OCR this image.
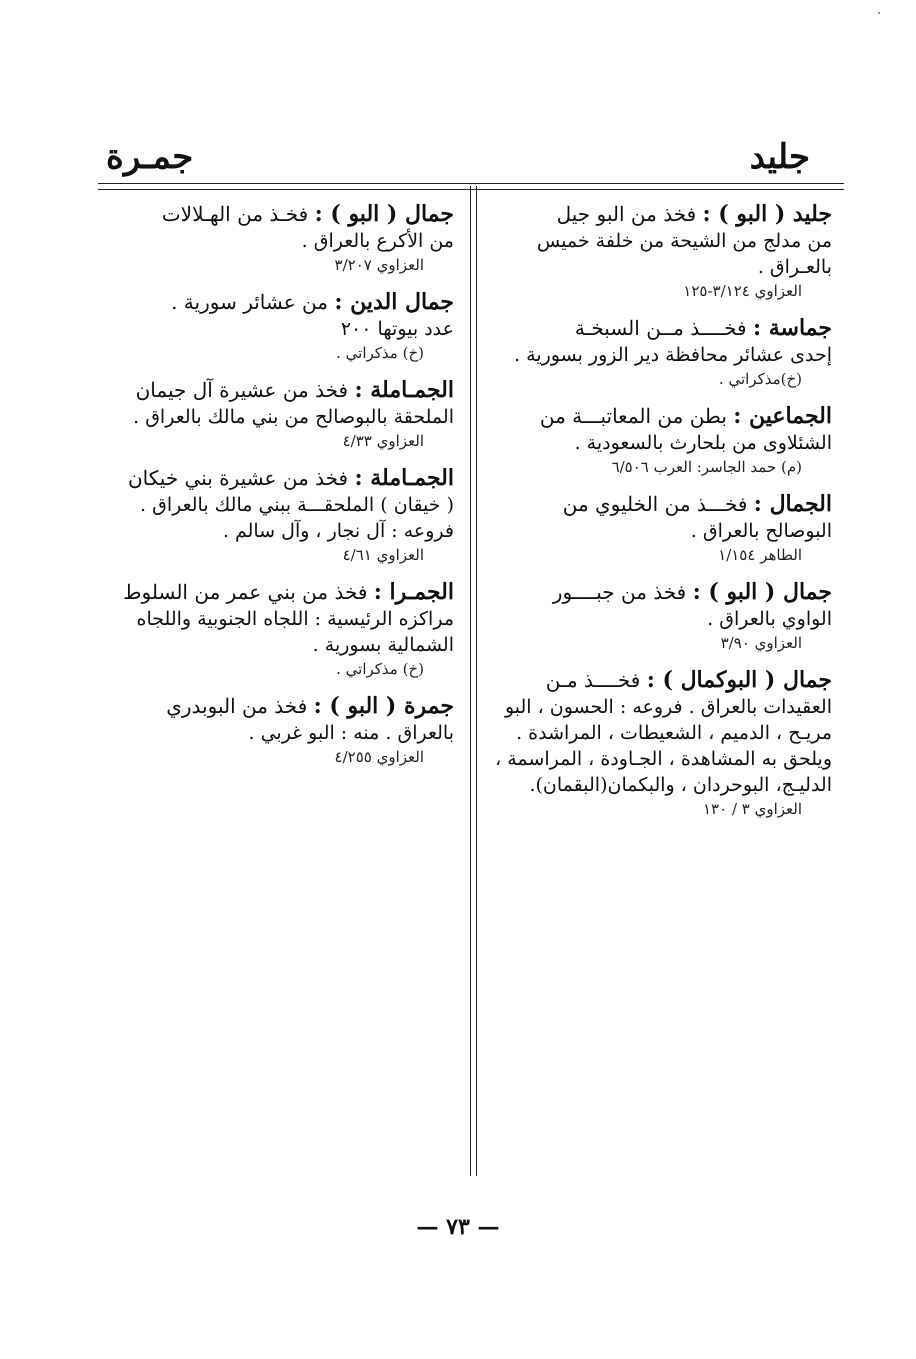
جليد
جمـرة
جليد ( البو ) : فخذ من البو جيل
من مدلج من الشيحة من خلفة خميس
بالعـراق .
العزاوي ٣/١٢٤-١٢٥
جماسة : فخــــذ مــن السبخـة
إحدى عشائر محافظة دير الزور بسورية .
(خ)مذكراتي .
الجماعين : بطن من المعاتبـــة من
الشئلاوى من بلحارث بالسعودية .
(م) حمد الجاسر: العرب ٦/٥٠٦
الجمال : فخـــذ من الخليوي من
البوصالح بالعراق .
الطاهر ١/١٥٤
جمال ( البو ) : فخذ من جبــــور
الواوي بالعراق .
العزاوي ٣/٩٠
جمال ( البوكمال ) : فخــــذ مـن
العقيدات بالعراق . فروعه : الحسون ، البو
مريـح ، الدميم ، الشعيطات ، المراشدة .
ويلحق به المشاهدة ، الجـاودة ، المراسمة ،
الدليـج، البوحردان ، والبكمان(البقمان).
العزاوي ٣ / ١٣٠
جمال ( البو ) : فخـذ من الهـلالات
من الأكرع بالعراق .
العزاوي ٣/٢٠٧
جمال الدين : من عشائر سورية .
عدد بيوتها ٢٠٠
(خ) مذكراتي .
الجمـاملة : فخذ من عشيرة آل جيمان
الملحقة بالبوصالح من بني مالك بالعراق .
العزاوي ٤/٣٣
الجمـاملة : فخذ من عشيرة بني خيكان
( خيقان ) الملحقـــة ببني مالك بالعراق .
فروعه : آل نجار ، وآل سالم .
العزاوي ٤/٦١
الجمـرا : فخذ من بني عمر من السلوط
مراكزه الرئيسية : اللجاه الجنوبية واللجاه
الشمالية بسورية .
(خ) مذكراتي .
جمرة ( البو ) : فخذ من البوبدري
بالعراق . منه : البو غربي .
العزاوي ٤/٢٥٥
— ٧٣ —
